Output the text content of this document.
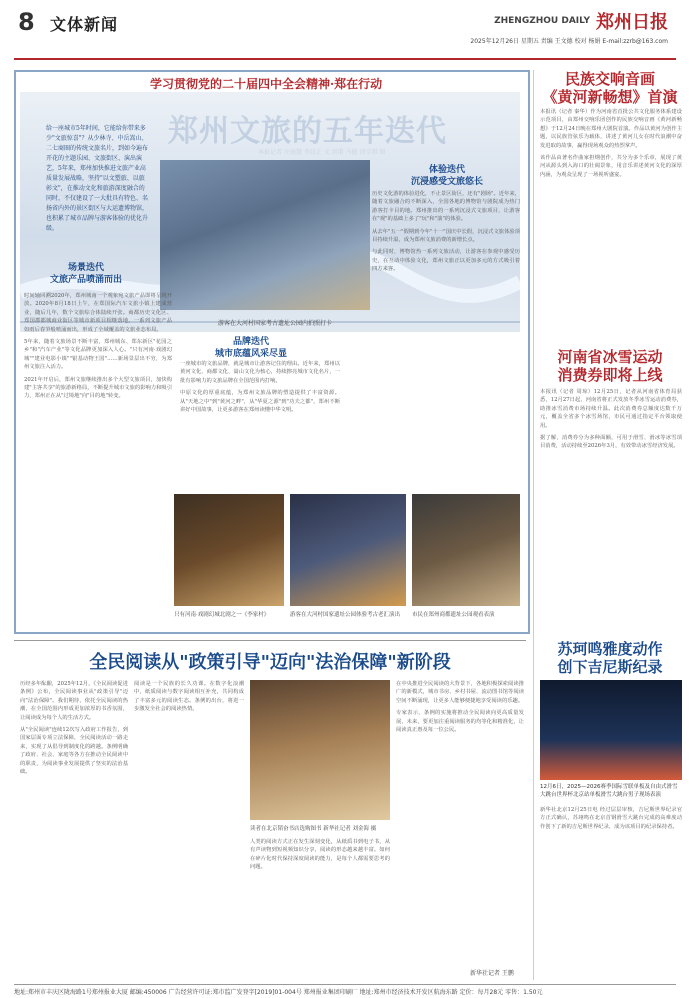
8 文体新闻	ZHENGZHOU DAILY 郑州日报
2025年12月26日 星期五 责编 王文德 校对 杨娟 E-mail:zzrb@163.com
学习贯彻党的二十届四中全会精神·郑在行动
给一座城市5年时间，它能给你带来多少"文旅惊喜"？从少林寺、中岳嵩山、二七商圈的传统文旅名片，到如今遍布开花的主题乐园、文旅街区、演出演艺，5年来，郑州加快推进文旅产业高质量发展战略，坚持"以文塑旅、以旅彰文"，在推动文化和旅游深度融合的同时，不仅建设了一大批具有特色、名扬省内外的景区街区与大运遗博物馆，也积累了城市品牌与游客体验的优化升级。
游客在大河村国家考古遗址公园内拍照打卡
场景迭代
文旅产品喷涌而出
品牌迭代
城市底蕴风采尽显
体验迭代
沉浸感受文旅悠长

时间轴回溯2020年，郑州城南一个观象宛文旅产品即将呈现开放。2020年8月18日上午，在郑国际汽车文旅小镇上建成营业，随后几年，数个文旅综合体陆续开张。商都历史文化区、郑国郡都城商业街区等城市新项目相继落地，一系列文旅产品如雨后春笋般喷涌而出，形成了全域覆盖的文旅业态布局。

5年来，随着文旅场景不断丰富，郑州城东、郑东新区"花园之乡"和"汽车产业"等文化品牌更加深入人心。"只有河南·戏剧幻城""建业电影小镇""银基动物王国"……新场景层出不穷，为郑州文旅注入活力。

2021年开启后，郑州文旅继续推出多个大型文旅项目，加快构建"主客共享"的旅游新格局，不断提升城市文旅的影响力和吸引力，郑州正在从"过境地"向"目的地"转变。

一座城市的文旅品牌，就是城市让游客记住的理由。近年来，郑州以黄河文化、商都文化、嵩山文化为核心，持续擦亮城市文化名片，一批有影响力的文旅品牌在全国范围内打响。

中原文化的厚重底蕴，为郑州文旅品牌的塑造提供了丰富资源。从"天地之中"到"黄河之畔"，从"华夏之源"到"功夫之都"，郑州不断讲好中国故事，让更多游客在郑州读懂中华文明。

历史文化游的体验进化，不止景区街区，还有"剧场"。近年来，随着文旅融合的不断深入，全国各地的博物馆与剧院成为热门游客打卡目的地。郑州推出的一系列沉浸式文旅项目，让游客在"观"的基础上多了"玩"和"演"的体验。

从去年"五一"假期到今年"十一"国庆中长假，沉浸式文旅体验项目持续升温，成为郑州文旅消费的新增长点。

与此同时，博物馆热一系列文旅活动，让游客在参观中感受历史，在互动中体验文化，郑州文旅正以更加多元的方式吸引着四方来客。

只有河南·戏剧幻城北剧之一《李家村》	游客在大河村国家遗址公园体验考古老汇演出	市民在郑州商都遗址公园观看表演
民族交响音画
《黄河新畅想》首演

本报讯（记者 秦华）作为河南省首批公共文化服务体系建设示范项目，由郑州交响乐团创作的民族交响音画《黄河新畅想》于12月24日晚在郑州大剧院首演。作品以黄河为创作主题，以民族管弦乐为载体，讲述了黄河儿女在时代浪潮中奋发进取的故事，赢得现场观众的热烈掌声。

该作品由著名作曲家担纲创作，共分为多个乐章，展现了黄河从源头到入海口的壮阔景象，用音乐讲述黄河文化的深厚内涵，为观众呈现了一场视听盛宴。

河南省冰雪运动
消费券即将上线

本报讯（记者 周琼）12月25日，记者从河南省体育局获悉，12月27日起，河南省将正式发放冬季冰雪运动消费券，助推冰雪消费市场持续升温。此次消费券总额度达数千万元，覆盖全省多个冰雪场馆，市民可通过指定平台领取使用。

据了解，消费券分为多种面额，可用于滑雪、滑冰等冰雪项目消费，活动持续至2026年3月，有效带动冰雪经济发展。

苏珂鸣雅度动作
创下吉尼斯纪录
12月6日，2025—2026赛季国际雪联单板及自由式滑雪大跳台世界杯北京站单板滑雪大跳台男子现场表演
新华社北京12月25日电 经过层层审核，吉尼斯世界纪录官方正式确认，苏翊鸣在北京首钢滑雪大跳台完成的高难度动作创下了新的吉尼斯世界纪录，成为该项目的纪录保持者。
全民阅读从"政策引导"迈向"法治保障"新阶段

历经多年酝酿，2025年12月，《全民阅读促进条例》公布，全民阅读事业从"政策引导"迈向"法治保障"。我们期待，依托全民阅读的热潮，在全国范围内形成更加浓厚的书香氛围，让阅读成为每个人的生活方式。

从"全民阅读"连续12次写入政府工作报告，到国家层面专项立法保障，全民阅读活动一路走来，实现了从倡导到制度化的跨越。条例明确了政府、社会、家庭等各方在推动全民阅读中的职责，为阅读事业发展提供了坚实的法治基础。

阅读是一个民族的长久功课。在数字化浪潮中，纸质阅读与数字阅读相互补充，共同构成了丰富多元的阅读生态。条例的出台，将进一步激发全社会的阅读热情。
读者在北京韬奋书店选购图书 新华社记者 刘金海 摄
人类的阅读方式正在发生深刻变化，从纸质书到电子书，从有声读物到短视频知识分享，阅读的形态越来越丰富。如何在碎片化时代保持深度阅读的能力，是每个人都需要思考的问题。

在中央推进全民阅读的大背景下，各地积极探索阅读推广的新模式，城市书房、乡村书屋、流动图书馆等阅读空间不断涌现，让更多人能够便捷地享受阅读的乐趣。

专家表示，条例的实施将推动全民阅读向更高质量发展，未来，要更加注重阅读服务的均等化和精准化，让阅读真正惠及每一位公民。

新华社记者 王鹏
地址:郑州市丰庆区陇海路1号郑州报业大厦 邮编:450006 广告经营许可证:郑市监广发登字[2019]01-004号 郑州报业集团印刷厂 地址:郑州市经济技术开发区航海东路 定价：每月28元 零售：1.50元
